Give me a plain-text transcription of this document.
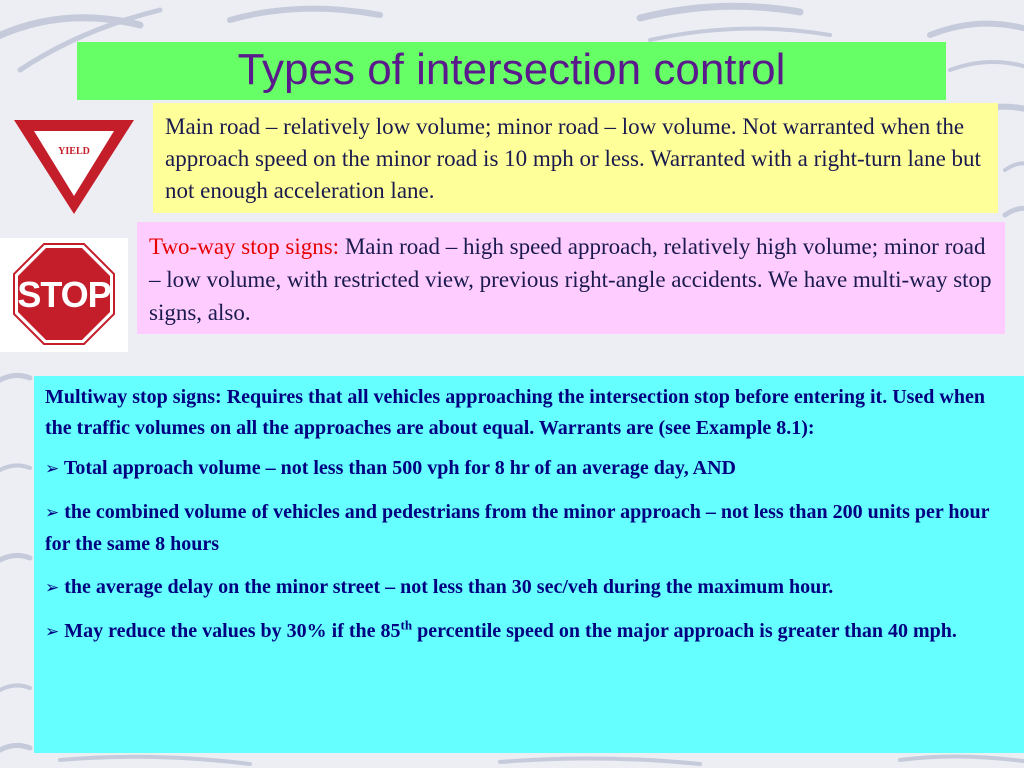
Types of intersection control
YIELD
Main road – relatively low volume; minor road – low volume. Not warranted when the approach speed on the minor road is 10 mph or less. Warranted with a right-turn lane but not enough acceleration lane.
STOP
Two-way stop signs: Main road – high speed approach, relatively high volume; minor road – low volume, with restricted view, previous right-angle accidents. We have multi-way stop signs, also.

Multiway stop signs: Requires that all vehicles approaching the intersection stop before entering it. Used when the traffic volumes on all the approaches are about equal. Warrants are (see Example 8.1):

➢ Total approach volume – not less than 500 vph for 8 hr of an average day, AND

➢ the combined volume of vehicles and pedestrians from the minor approach – not less than 200 units per hour for the same 8 hours

➢ the average delay on the minor street – not less than 30 sec/veh during the maximum hour.

➢ May reduce the values by 30% if the 85th percentile speed on the major approach is greater than 40 mph.
